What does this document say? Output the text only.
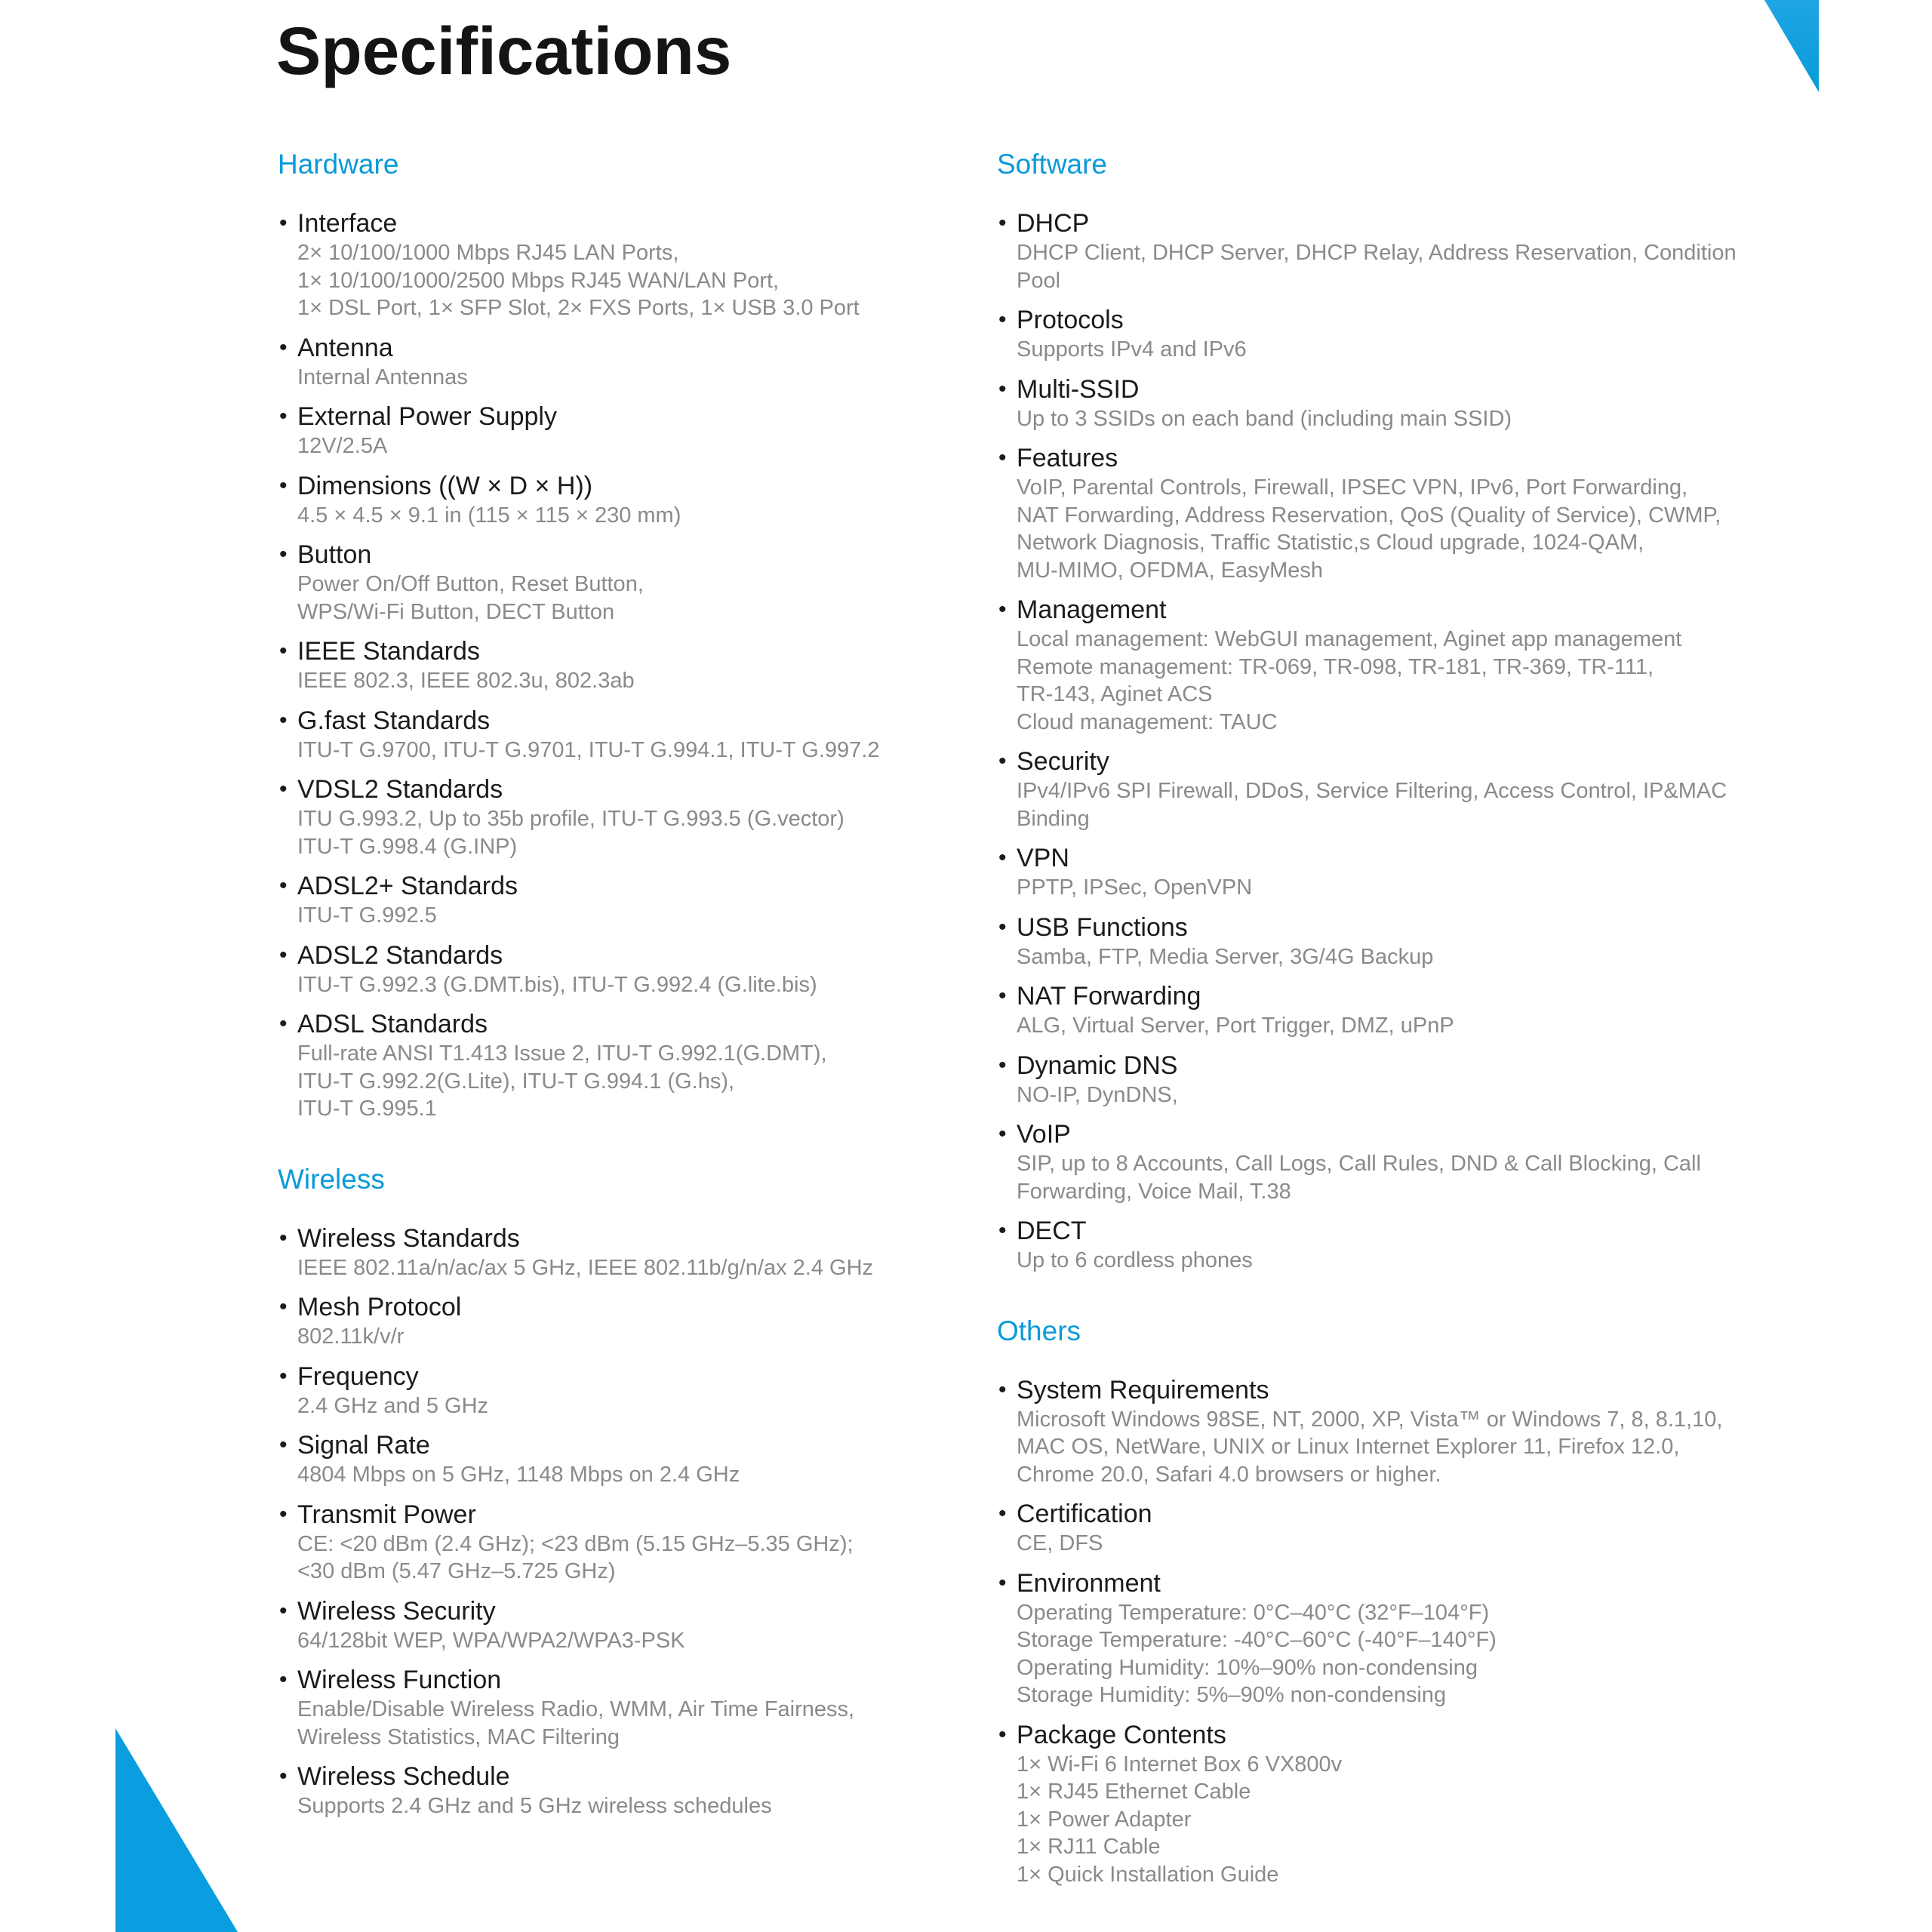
Specifications
Hardware
• Interface
2× 10/100/1000 Mbps RJ45 LAN Ports,
1× 10/100/1000/2500 Mbps RJ45 WAN/LAN Port,
1× DSL Port, 1× SFP Slot, 2× FXS Ports, 1× USB 3.0 Port
• Antenna
Internal Antennas
• External Power Supply
12V/2.5A
• Dimensions ((W × D × H))
4.5 × 4.5 × 9.1 in (115 × 115 × 230 mm)
• Button
Power On/Off Button, Reset Button,
WPS/Wi-Fi Button, DECT Button
• IEEE Standards
IEEE 802.3, IEEE 802.3u, 802.3ab
• G.fast Standards
ITU-T G.9700, ITU-T G.9701, ITU-T G.994.1, ITU-T G.997.2
• VDSL2 Standards
ITU G.993.2, Up to 35b profile, ITU-T G.993.5 (G.vector)
ITU-T G.998.4 (G.INP)
• ADSL2+ Standards
ITU-T G.992.5
• ADSL2 Standards
ITU-T G.992.3 (G.DMT.bis), ITU-T G.992.4 (G.lite.bis)
• ADSL Standards
Full-rate ANSI T1.413 Issue 2, ITU-T G.992.1(G.DMT),
ITU-T G.992.2(G.Lite), ITU-T G.994.1 (G.hs),
ITU-T G.995.1
Wireless
• Wireless Standards
IEEE 802.11a/n/ac/ax 5 GHz, IEEE 802.11b/g/n/ax 2.4 GHz
• Mesh Protocol
802.11k/v/r
• Frequency
2.4 GHz and 5 GHz
• Signal Rate
4804 Mbps on 5 GHz, 1148 Mbps on 2.4 GHz
• Transmit Power
CE: <20 dBm (2.4 GHz); <23 dBm (5.15 GHz–5.35 GHz);
<30 dBm (5.47 GHz–5.725 GHz)
• Wireless Security
64/128bit WEP, WPA/WPA2/WPA3-PSK
• Wireless Function
Enable/Disable Wireless Radio, WMM, Air Time Fairness,
Wireless Statistics, MAC Filtering
• Wireless Schedule
Supports 2.4 GHz and 5 GHz wireless schedules
Software
• DHCP
DHCP Client, DHCP Server, DHCP Relay, Address Reservation, Condition
Pool
• Protocols
Supports IPv4 and IPv6
• Multi-SSID
Up to 3 SSIDs on each band (including main SSID)
• Features
VoIP, Parental Controls, Firewall, IPSEC VPN, IPv6, Port Forwarding,
NAT Forwarding, Address Reservation, QoS (Quality of Service), CWMP,
Network Diagnosis, Traffic Statistic,s Cloud upgrade, 1024-QAM,
MU-MIMO, OFDMA, EasyMesh
• Management
Local management: WebGUI management, Aginet app management
Remote management: TR-069, TR-098, TR-181, TR-369, TR-111,
TR-143, Aginet ACS
Cloud management: TAUC
• Security
IPv4/IPv6 SPI Firewall, DDoS, Service Filtering, Access Control, IP&MAC
Binding
• VPN
PPTP, IPSec, OpenVPN
• USB Functions
Samba, FTP, Media Server, 3G/4G Backup
• NAT Forwarding
ALG, Virtual Server, Port Trigger, DMZ, uPnP
• Dynamic DNS
NO-IP, DynDNS,
• VoIP
SIP, up to 8 Accounts, Call Logs, Call Rules, DND & Call Blocking, Call
Forwarding, Voice Mail, T.38
• DECT
Up to 6 cordless phones
Others
• System Requirements
Microsoft Windows 98SE, NT, 2000, XP, Vista™ or Windows 7, 8, 8.1,10,
MAC OS, NetWare, UNIX or Linux Internet Explorer 11, Firefox 12.0,
Chrome 20.0, Safari 4.0 browsers or higher.
• Certification
CE, DFS
• Environment
Operating Temperature: 0°C–40°C (32°F–104°F)
Storage Temperature: -40°C–60°C (-40°F–140°F)
Operating Humidity: 10%–90% non-condensing
Storage Humidity: 5%–90% non-condensing
• Package Contents
1× Wi-Fi 6 Internet Box 6 VX800v
1× RJ45 Ethernet Cable
1× Power Adapter
1× RJ11 Cable
1× Quick Installation Guide
